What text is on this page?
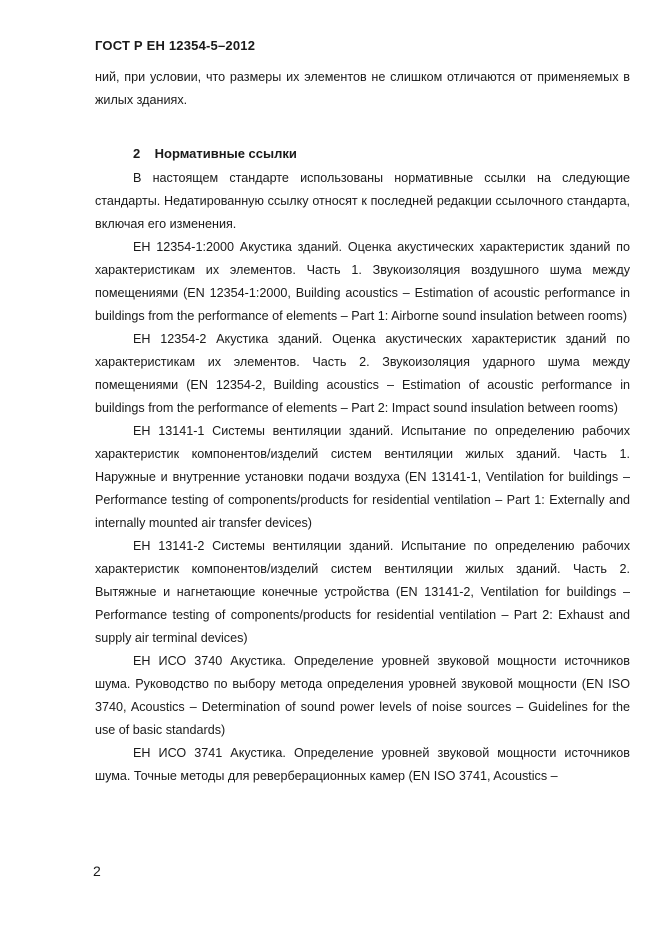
ГОСТ Р ЕН 12354-5–2012

ний, при условии, что размеры их элементов не слишком отличаются от применяемых в жилых зданиях.

2 Нормативные ссылки

В настоящем стандарте использованы нормативные ссылки на следующие стандарты. Недатированную ссылку относят к последней редакции ссылочного стандарта, включая его изменения.

ЕН 12354-1:2000 Акустика зданий. Оценка акустических характеристик зданий по характеристикам их элементов. Часть 1. Звукоизоляция воздушного шума между помещениями (EN 12354-1:2000, Building acoustics – Estimation of acoustic performance in buildings from the performance of elements – Part 1: Airborne sound insulation between rooms)

ЕН 12354-2 Акустика зданий. Оценка акустических характеристик зданий по характеристикам их элементов. Часть 2. Звукоизоляция ударного шума между помещениями (EN 12354-2, Building acoustics – Estimation of acoustic performance in buildings from the performance of elements – Part 2: Impact sound insulation between rooms)

ЕН 13141-1 Системы вентиляции зданий. Испытание по определению рабочих характеристик компонентов/изделий систем вентиляции жилых зданий. Часть 1. Наружные и внутренние установки подачи воздуха (EN 13141-1, Ventilation for buildings – Performance testing of components/products for residential ventilation – Part 1: Externally and internally mounted air transfer devices)

ЕН 13141-2 Системы вентиляции зданий. Испытание по определению рабочих характеристик компонентов/изделий систем вентиляции жилых зданий. Часть 2. Вытяжные и нагнетающие конечные устройства (EN 13141-2, Ventilation for buildings – Performance testing of components/products for residential ventilation – Part 2: Exhaust and supply air terminal devices)

ЕН ИСО 3740 Акустика. Определение уровней звуковой мощности источников шума. Руководство по выбору метода определения уровней звуковой мощности (EN ISO 3740, Acoustics – Determination of sound power levels of noise sources – Guidelines for the use of basic standards)

ЕН ИСО 3741 Акустика. Определение уровней звуковой мощности источников шума. Точные методы для реверберационных камер (EN ISO 3741, Acoustics –

2
